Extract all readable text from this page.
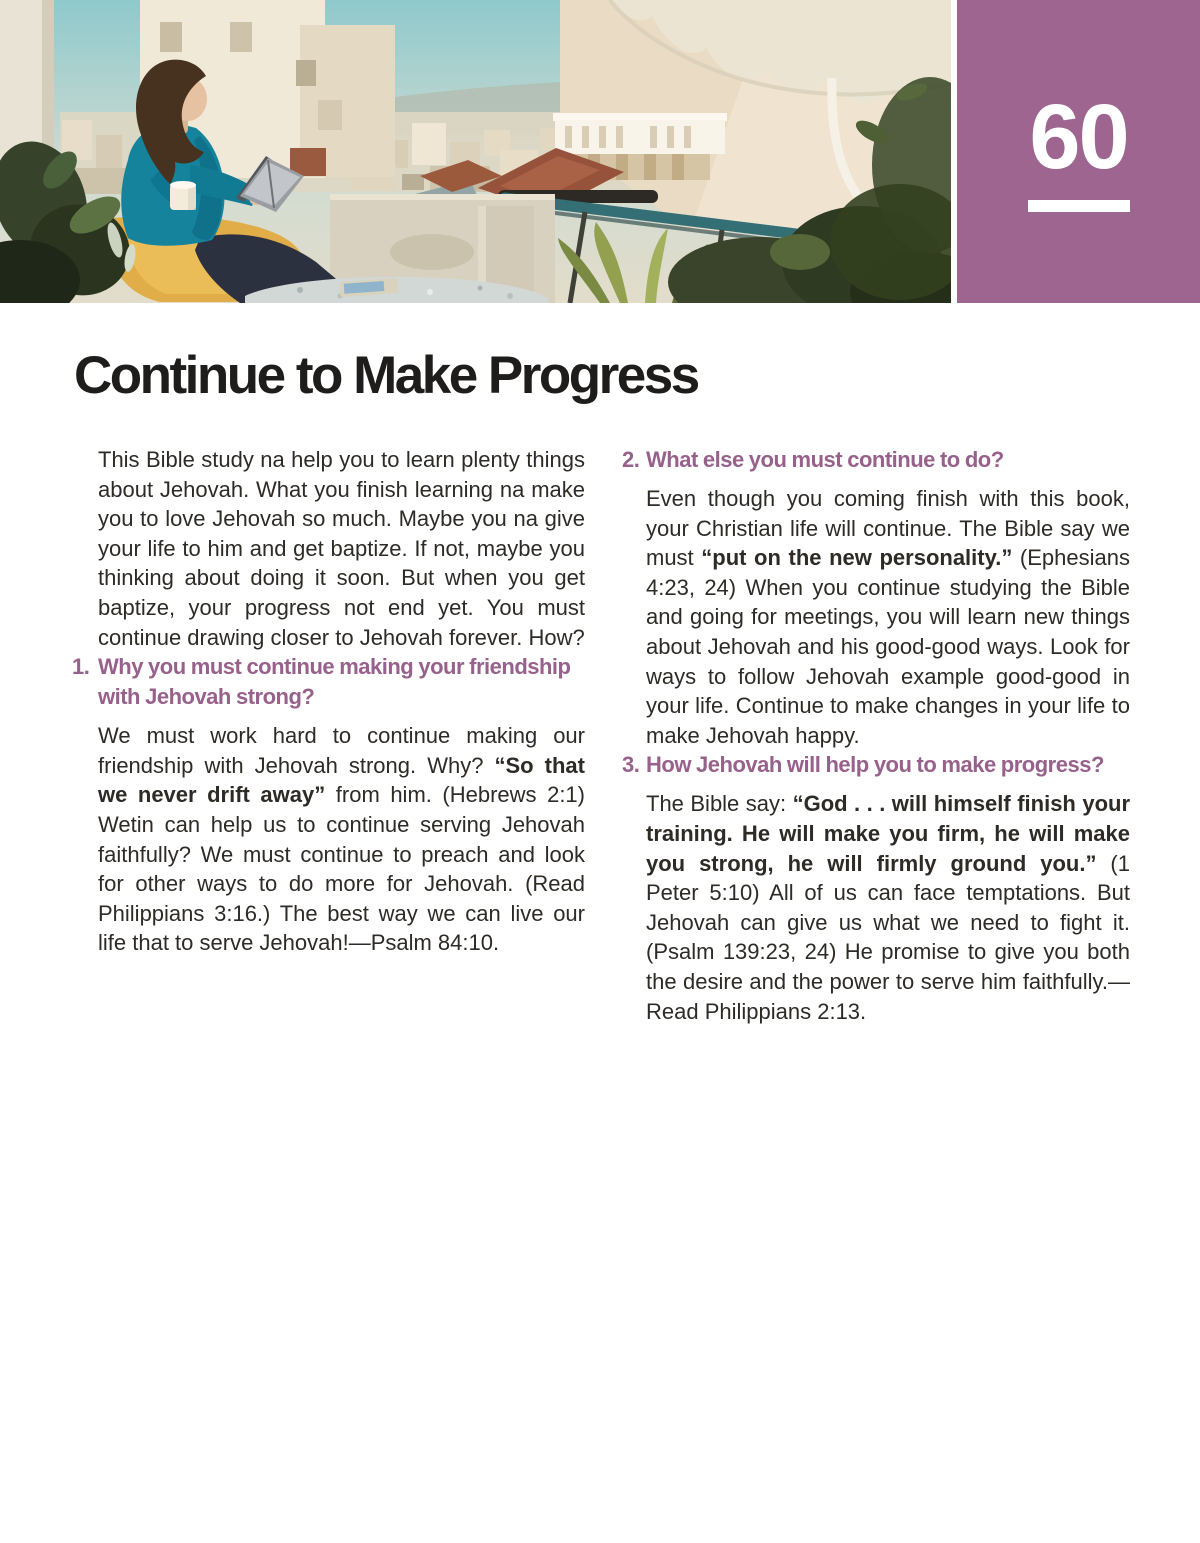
60
Continue to Make Progress

This Bible study na help you to learn plenty things about Jehovah. What you finish learning na make you to love Jehovah so much. Maybe you na give your life to him and get baptize. If not, maybe you thinking about doing it soon. But when you get baptize, your progress not end yet. You must continue drawing closer to Jehovah forever. How?

1. Why you must continue making your friendship with Jehovah strong?

We must work hard to continue making our friendship with Jehovah strong. Why? “So that we never drift away” from him. (Hebrews 2:1) Wetin can help us to continue serving Jehovah faithfully? We must continue to preach and look for other ways to do more for Jehovah. (Read Philippians 3:16.) The best way we can live our life that to serve Jehovah!—Psalm 84:10.

2. What else you must continue to do?

Even though you coming finish with this book, your Christian life will continue. The Bible say we must “put on the new personality.” (Ephesians 4:23, 24) When you continue studying the Bible and going for meetings, you will learn new things about Jehovah and his good-good ways. Look for ways to follow Jehovah example good-good in your life. Continue to make changes in your life to make Jehovah happy.

3. How Jehovah will help you to make progress?

The Bible say: “God . . . will himself finish your training. He will make you firm, he will make you strong, he will firmly ground you.” (1 Peter 5:10) All of us can face temptations. But Jehovah can give us what we need to fight it. (Psalm 139:23, 24) He promise to give you both the desire and the power to serve him faithfully.—Read Philippians 2:13.
